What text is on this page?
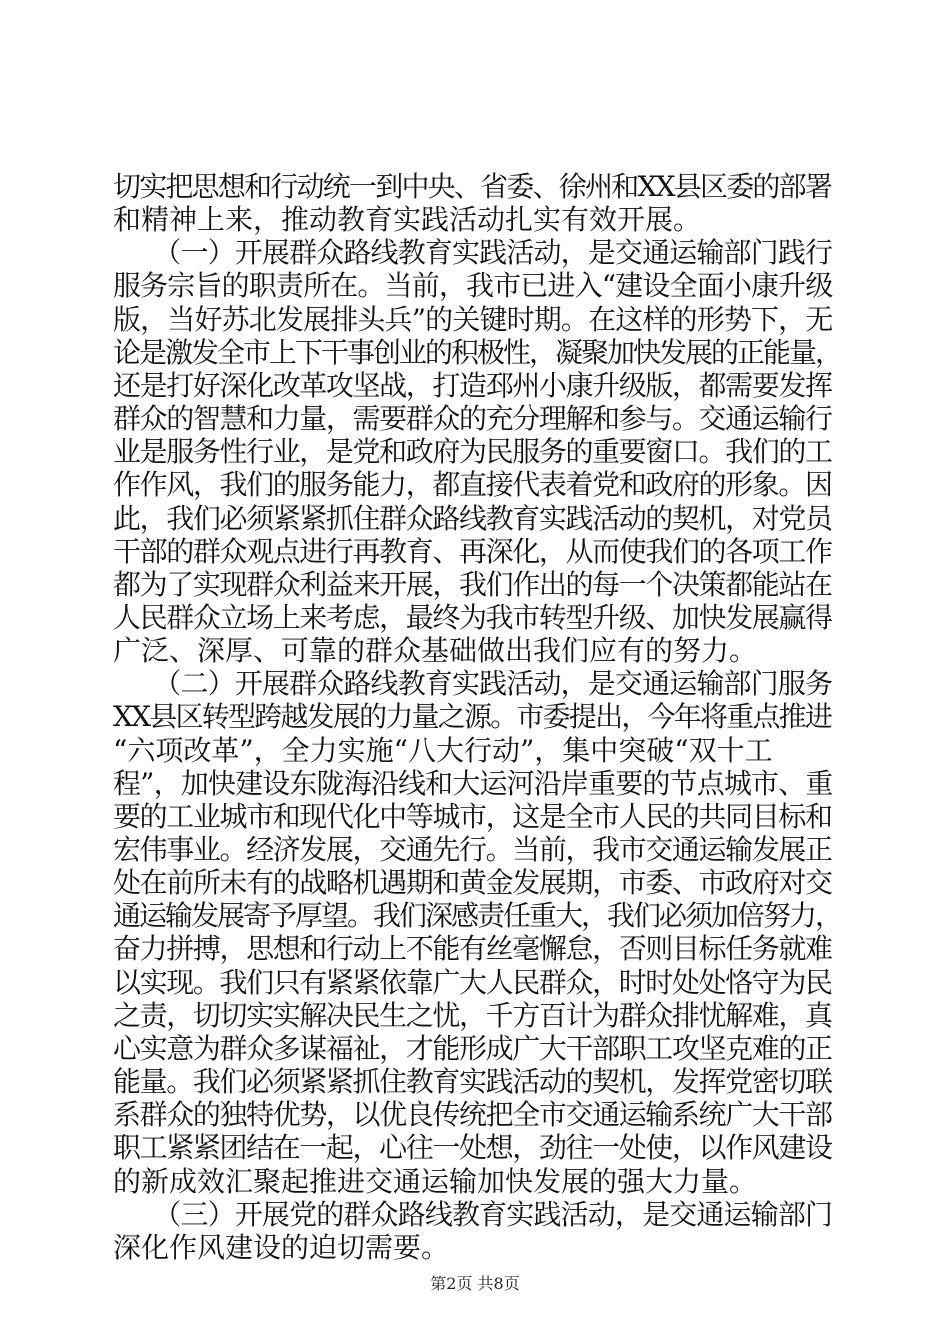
切实把思想和行动统一到中央、省委、徐州和XX县区委的部署
和精神上来，推动教育实践活动扎实有效开展。
　　（一）开展群众路线教育实践活动，是交通运输部门践行
服务宗旨的职责所在。当前，我市已进入“建设全面小康升级
版，当好苏北发展排头兵”的关键时期。在这样的形势下，无
论是激发全市上下干事创业的积极性，凝聚加快发展的正能量，
还是打好深化改革攻坚战，打造邳州小康升级版，都需要发挥
群众的智慧和力量，需要群众的充分理解和参与。交通运输行
业是服务性行业，是党和政府为民服务的重要窗口。我们的工
作作风，我们的服务能力，都直接代表着党和政府的形象。因
此，我们必须紧紧抓住群众路线教育实践活动的契机，对党员
干部的群众观点进行再教育、再深化，从而使我们的各项工作
都为了实现群众利益来开展，我们作出的每一个决策都能站在
人民群众立场上来考虑，最终为我市转型升级、加快发展赢得
广泛、深厚、可靠的群众基础做出我们应有的努力。
　　（二）开展群众路线教育实践活动，是交通运输部门服务
XX县区转型跨越发展的力量之源。市委提出，今年将重点推进
“六项改革”，全力实施“八大行动”，集中突破“双十工
程”，加快建设东陇海沿线和大运河沿岸重要的节点城市、重
要的工业城市和现代化中等城市，这是全市人民的共同目标和
宏伟事业。经济发展，交通先行。当前，我市交通运输发展正
处在前所未有的战略机遇期和黄金发展期，市委、市政府对交
通运输发展寄予厚望。我们深感责任重大，我们必须加倍努力，
奋力拼搏，思想和行动上不能有丝毫懈怠，否则目标任务就难
以实现。我们只有紧紧依靠广大人民群众，时时处处恪守为民
之责，切切实实解决民生之忧，千方百计为群众排忧解难，真
心实意为群众多谋福祉，才能形成广大干部职工攻坚克难的正
能量。我们必须紧紧抓住教育实践活动的契机，发挥党密切联
系群众的独特优势，以优良传统把全市交通运输系统广大干部
职工紧紧团结在一起，心往一处想，劲往一处使，以作风建设
的新成效汇聚起推进交通运输加快发展的强大力量。
　　（三）开展党的群众路线教育实践活动，是交通运输部门
深化作风建设的迫切需要。
第2页 共8页
